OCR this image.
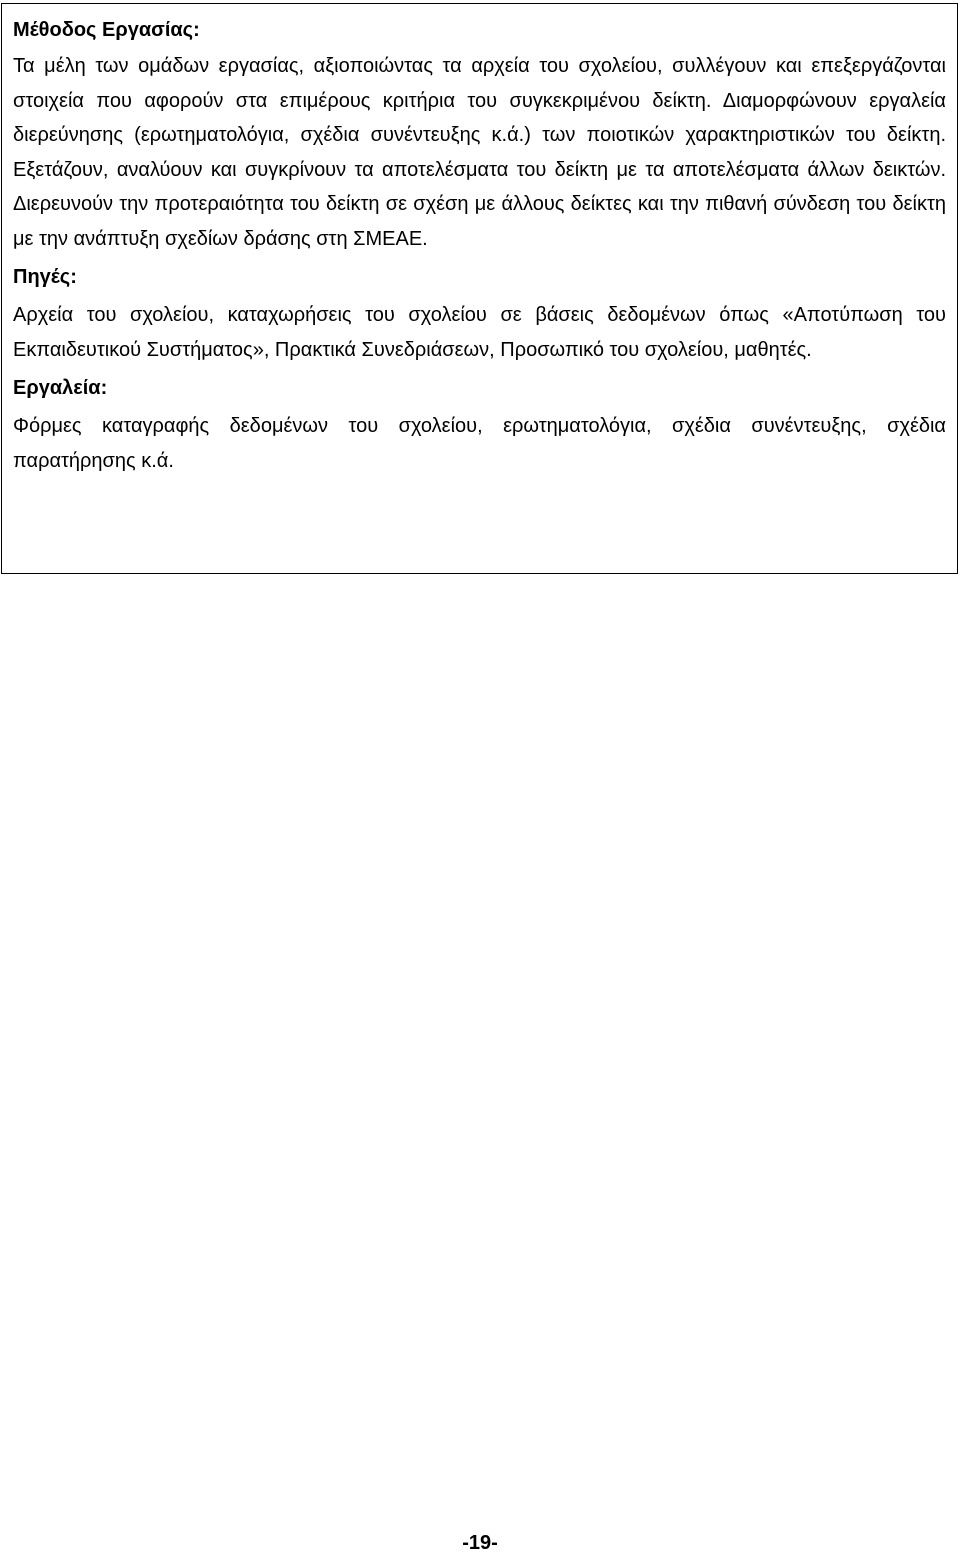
Μέθοδος Εργασίας:

Τα μέλη των ομάδων εργασίας, αξιοποιώντας τα αρχεία του σχολείου, συλλέγουν και επεξεργάζονται στοιχεία που αφορούν στα επιμέρους κριτήρια του συγκεκριμένου δείκτη. Διαμορφώνουν εργαλεία διερεύνησης (ερωτηματολόγια, σχέδια συνέντευξης κ.ά.) των ποιοτικών χαρακτηριστικών του δείκτη. Εξετάζουν, αναλύουν και συγκρίνουν τα αποτελέσματα του δείκτη με τα αποτελέσματα άλλων δεικτών. Διερευνούν την προτεραιότητα του δείκτη σε σχέση με άλλους δείκτες και την πιθανή σύνδεση του δείκτη με την ανάπτυξη σχεδίων δράσης στη ΣΜΕΑΕ.

Πηγές:

Αρχεία του σχολείου, καταχωρήσεις του σχολείου σε βάσεις δεδομένων όπως «Αποτύπωση του Εκπαιδευτικού Συστήματος», Πρακτικά Συνεδριάσεων, Προσωπικό του σχολείου, μαθητές.

Εργαλεία:

Φόρμες καταγραφής δεδομένων του σχολείου, ερωτηματολόγια, σχέδια συνέντευξης, σχέδια παρατήρησης κ.ά.

-19-
